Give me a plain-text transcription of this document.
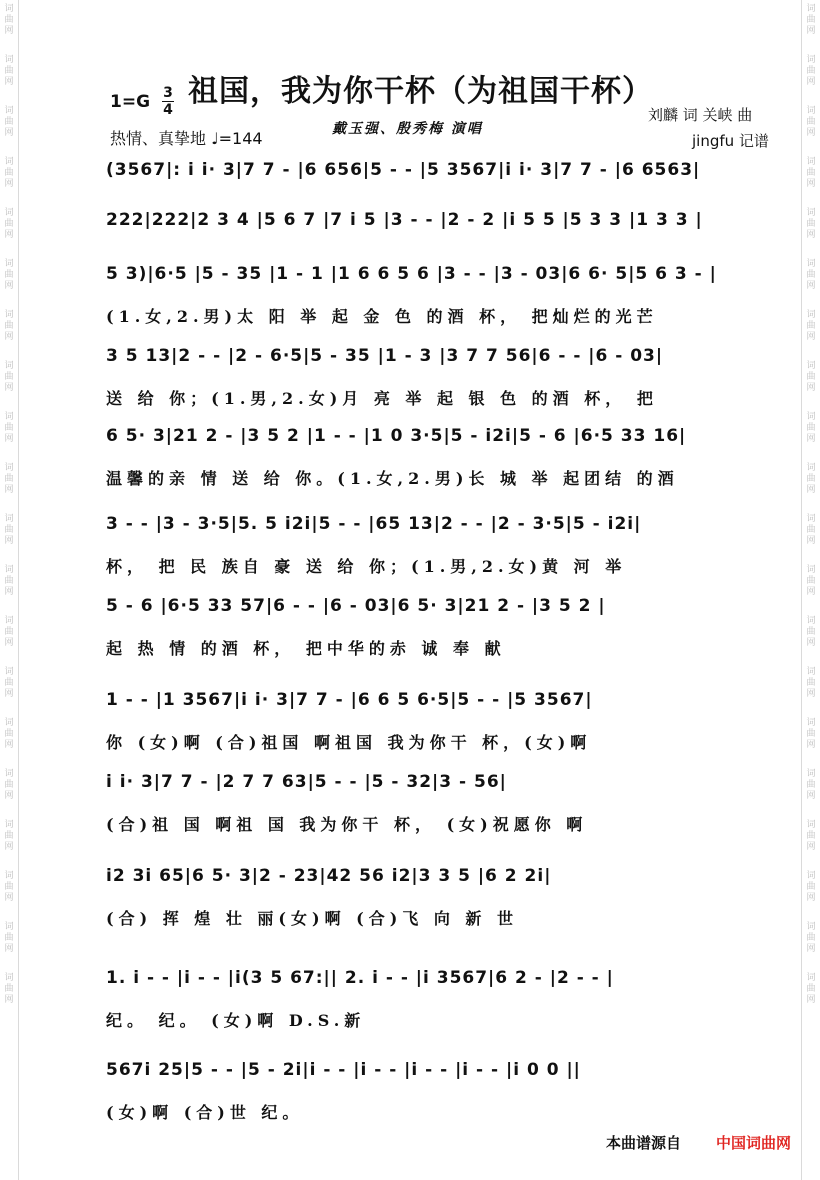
词曲网
词曲网
词曲网
词曲网
词曲网
词曲网
词曲网
词曲网
词曲网
词曲网
词曲网
词曲网
词曲网
词曲网
词曲网
词曲网
词曲网
词曲网
词曲网
词曲网
词曲网
词曲网
词曲网
词曲网
词曲网
词曲网
词曲网
词曲网
词曲网
词曲网
词曲网
词曲网
词曲网
词曲网
词曲网
词曲网
词曲网
词曲网
词曲网
词曲网
1=G 3
4
祖国，我为你干杯（为祖国干杯）
戴玉强、殷秀梅 演唱
热情、真挚地 ♩=144
刘麟 词 关峡 曲
jingfu 记谱
(3567|: i i· 3|7 7 - |6 656|5 - - |5 3567|i i· 3|7 7 - |6 6563|
222|222|2 3 4 |5 6 7 |7 i 5 |3 - - |2 - 2 |i 5 5 |5 3 3 |1 3 3 |
5 3)|6·5 |5 - 35 |1 - 1 |1 6 6 5 6 |3 - - |3 - 03|6 6· 5|5 6 3 - |
(1.女,2.男)太 阳 举 起 金 色 的酒 杯， 把灿烂的光芒
3 5 13|2 - - |2 - 6·5|5 - 35 |1 - 3 |3 7 7 56|6 - - |6 - 03|
送 给 你；(1.男,2.女)月 亮 举 起 银 色 的酒 杯， 把
6 5· 3|21 2 - |3 5 2 |1 - - |1 0 3·5|5 - i2i|5 - 6 |6·5 33 16|
温馨的亲 情 送 给 你。(1.女,2.男)长 城 举 起团结 的酒
3 - - |3 - 3·5|5. 5 i2i|5 - - |65 13|2 - - |2 - 3·5|5 - i2i|
杯， 把 民 族自 豪 送 给 你；(1.男,2.女)黄 河 举
5 - 6 |6·5 33 57|6 - - |6 - 03|6 5· 3|21 2 - |3 5 2 |
起 热 情 的酒 杯， 把中华的赤 诚 奉 献
1 - - |1 3567|i i· 3|7 7 - |6 6 5 6·5|5 - - |5 3567|
你 (女)啊 (合)祖国 啊祖国 我为你干 杯，(女)啊
i i· 3|7 7 - |2 7 7 63|5 - - |5 - 32|3 - 56|
(合)祖 国 啊祖 国 我为你干 杯， (女)祝愿你 啊
i2 3i 65|6 5· 3|2 - 23|42 56 i2|3 3 5 |6 2 2i|
(合) 挥 煌 壮 丽(女)啊 (合)飞 向 新 世
1. i - - |i - - |i(3 5 67:|| 2. i - - |i 3567|6 2 - |2 - - |
纪。 纪。 (女)啊 D.S.新
567i 25|5 - - |5 - 2i|i - - |i - - |i - - |i - - |i 0 0 ||
(女)啊 (合)世 纪。
本曲谱源自 中国词曲网
